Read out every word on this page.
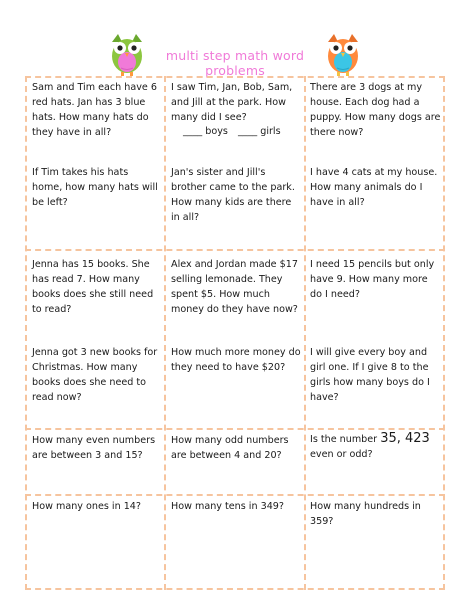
multi step math word problems
Sam and Tim each have 6 red hats. Jan has 3 blue hats. How many hats do they have in all?
If Tim takes his hats home, how many hats will be left?
I saw Tim, Jan, Bob, Sam, and Jill at the park. How many did I see?
____ boys ____ girls
Jan's sister and Jill's brother came to the park. How many kids are there in all?
There are 3 dogs at my house. Each dog had a puppy. How many dogs are there now?
I have 4 cats at my house. How many animals do I have in all?
Jenna has 15 books. She has read 7. How many books does she still need to read?
Jenna got 3 new books for Christmas. How many books does she need to read now?
Alex and Jordan made $17 selling lemonade. They spent $5. How much money do they have now?
How much more money do they need to have $20?
I need 15 pencils but only have 9. How many more do I need?
I will give every boy and girl one. If I give 8 to the girls how many boys do I have?
How many even numbers are between 3 and 15?
How many odd numbers are between 4 and 20?
Is the number 35, 423 even or odd?
How many ones in 14?	How many tens in 349?	How many hundreds in 359?
